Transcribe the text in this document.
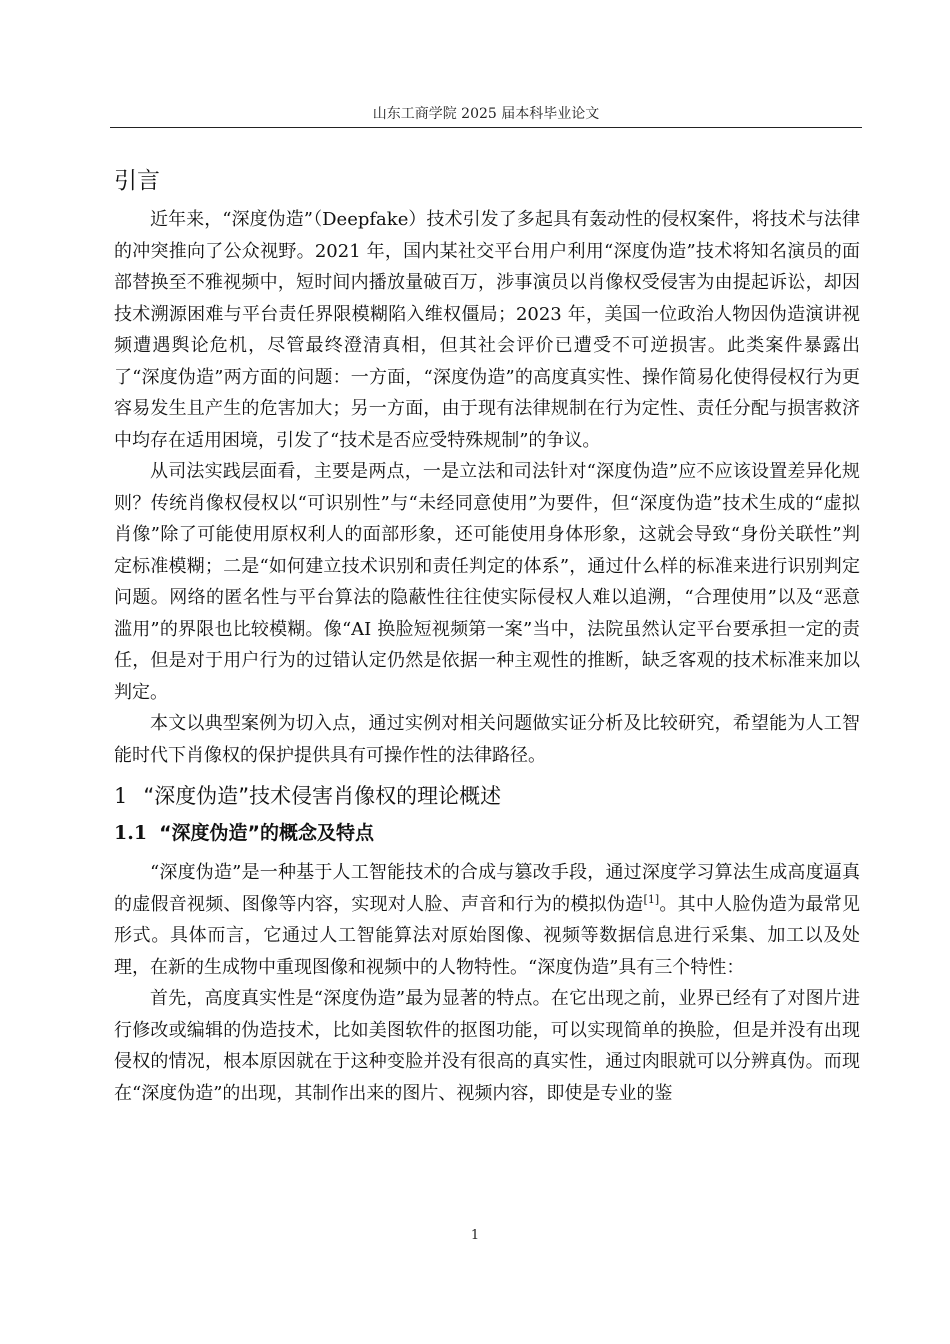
山东工商学院 2025 届本科毕业论文
引言

近年来，“深度伪造”（Deepfake）技术引发了多起具有轰动性的侵权案件，将技术与法律的冲突推向了公众视野。2021 年，国内某社交平台用户利用“深度伪造”技术将知名演员的面部替换至不雅视频中，短时间内播放量破百万，涉事演员以肖像权受侵害为由提起诉讼，却因技术溯源困难与平台责任界限模糊陷入维权僵局；2023 年，美国一位政治人物因伪造演讲视频遭遇舆论危机，尽管最终澄清真相，但其社会评价已遭受不可逆损害。此类案件暴露出了“深度伪造”两方面的问题：一方面，“深度伪造”的高度真实性、操作简易化使得侵权行为更容易发生且产生的危害加大；另一方面，由于现有法律规制在行为定性、责任分配与损害救济中均存在适用困境，引发了“技术是否应受特殊规制”的争议。

从司法实践层面看，主要是两点，一是立法和司法针对“深度伪造”应不应该设置差异化规则？传统肖像权侵权以“可识别性”与“未经同意使用”为要件，但“深度伪造”技术生成的“虚拟肖像”除了可能使用原权利人的面部形象，还可能使用身体形象，这就会导致“身份关联性”判定标准模糊；二是“如何建立技术识别和责任判定的体系”，通过什么样的标准来进行识别判定问题。网络的匿名性与平台算法的隐蔽性往往使实际侵权人难以追溯，“合理使用”以及“恶意滥用”的界限也比较模糊。像“AI 换脸短视频第一案”当中，法院虽然认定平台要承担一定的责任，但是对于用户行为的过错认定仍然是依据一种主观性的推断，缺乏客观的技术标准来加以判定。

本文以典型案例为切入点，通过实例对相关问题做实证分析及比较研究，希望能为人工智能时代下肖像权的保护提供具有可操作性的法律路径。

1 “深度伪造”技术侵害肖像权的理论概述
1.1 “深度伪造”的概念及特点

“深度伪造”是一种基于人工智能技术的合成与篡改手段，通过深度学习算法生成高度逼真的虚假音视频、图像等内容，实现对人脸、声音和行为的模拟伪造[1]。其中人脸伪造为最常见形式。具体而言，它通过人工智能算法对原始图像、视频等数据信息进行采集、加工以及处理，在新的生成物中重现图像和视频中的人物特性。“深度伪造”具有三个特性：

首先，高度真实性是“深度伪造”最为显著的特点。在它出现之前，业界已经有了对图片进行修改或编辑的伪造技术，比如美图软件的抠图功能，可以实现简单的换脸，但是并没有出现侵权的情况，根本原因就在于这种变脸并没有很高的真实性，通过肉眼就可以分辨真伪。而现在“深度伪造”的出现，其制作出来的图片、视频内容，即使是专业的鉴

1
